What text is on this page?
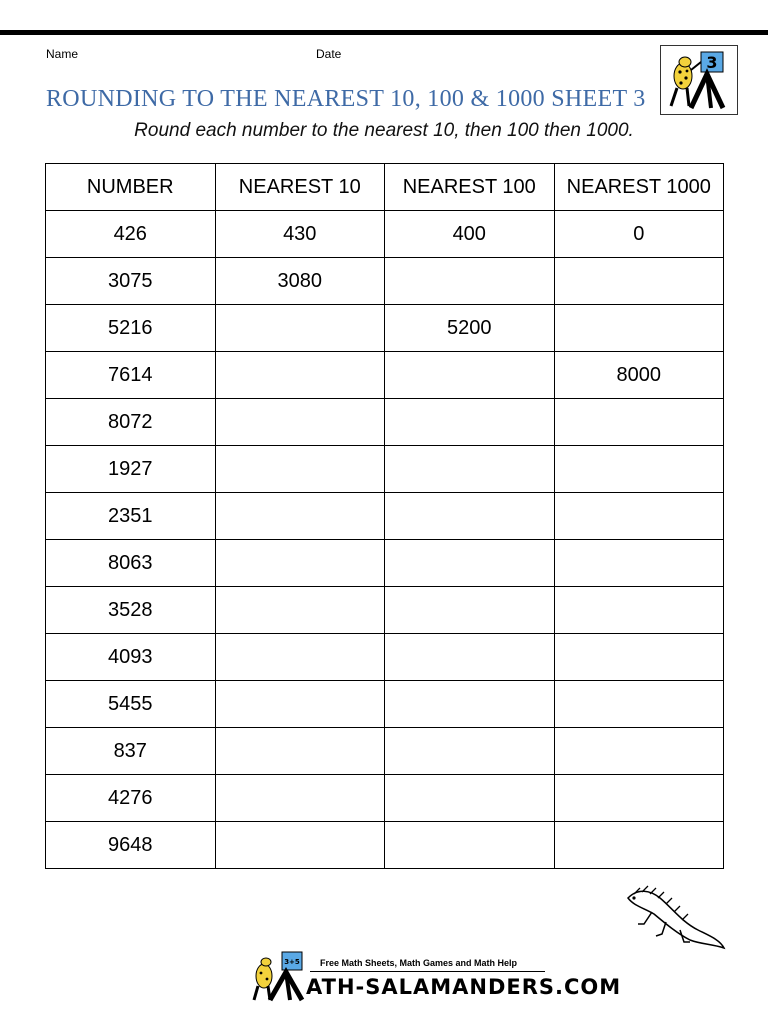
Name	Date
ROUNDING TO THE NEAREST 10, 100 & 1000 SHEET 3
Round each number to the nearest 10, then 100 then 1000.
3
NUMBER	NEAREST 10	NEAREST 100	NEAREST 1000
426	430	400	0
3075	3080		
5216		5200	
7614			8000
8072			
1927			
2351			
8063			
3528			
4093			
5455			
837			
4276			
9648			
3+5 Free Math Sheets, Math Games and Math Help
ATH-SALAMANDERS.COM
